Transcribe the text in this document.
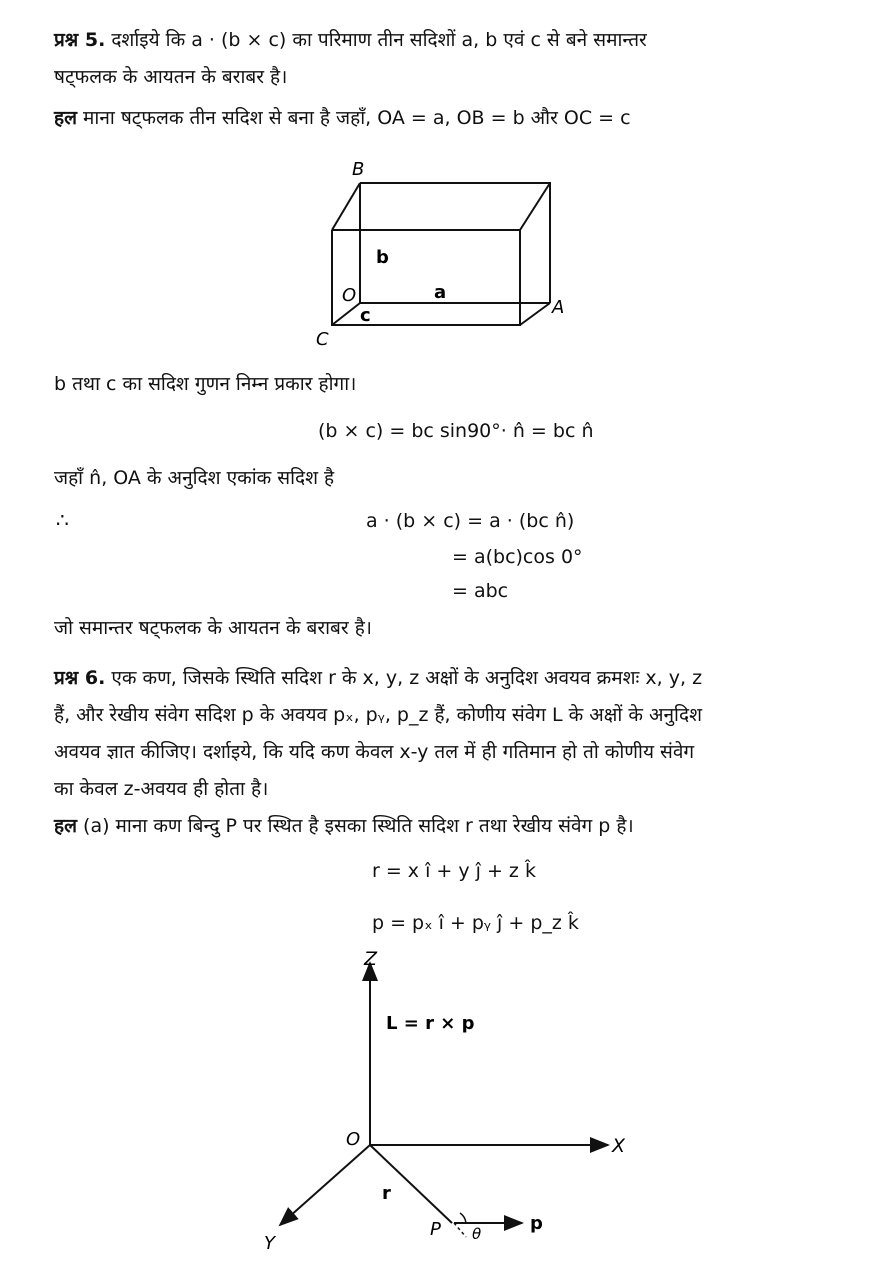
प्रश्न 5. दर्शाइये कि a · (b × c) का परिमाण तीन सदिशों a, b एवं c से बने समान्तर
षट्फलक के आयतन के बराबर है।
हल माना षट्फलक तीन सदिश से बना है जहाँ, OA = a, OB = b और OC = c
B
b
O	a
A
c
C
b तथा c का सदिश गुणन निम्न प्रकार होगा।
(b × c) = bc sin90°· n̂ = bc n̂
जहाँ n̂, OA के अनुदिश एकांक सदिश है
∴	a · (b × c) = a · (bc n̂)
= a(bc)cos 0°
= abc
जो समान्तर षट्फलक के आयतन के बराबर है।
प्रश्न 6. एक कण, जिसके स्थिति सदिश r के x, y, z अक्षों के अनुदिश अवयव क्रमशः x, y, z
हैं, और रेखीय संवेग सदिश p के अवयव pₓ, pᵧ, p_z हैं, कोणीय संवेग L के अक्षों के अनुदिश
अवयव ज्ञात कीजिए। दर्शाइये, कि यदि कण केवल x-y तल में ही गतिमान हो तो कोणीय संवेग
का केवल z-अवयव ही होता है।
हल (a) माना कण बिन्दु P पर स्थित है इसका स्थिति सदिश r तथा रेखीय संवेग p है।
r = x î + y ĵ + z k̂
p = pₓ î + pᵧ ĵ + p_z k̂
Z
L = r × p
O	X
r
Y
P θ	p
